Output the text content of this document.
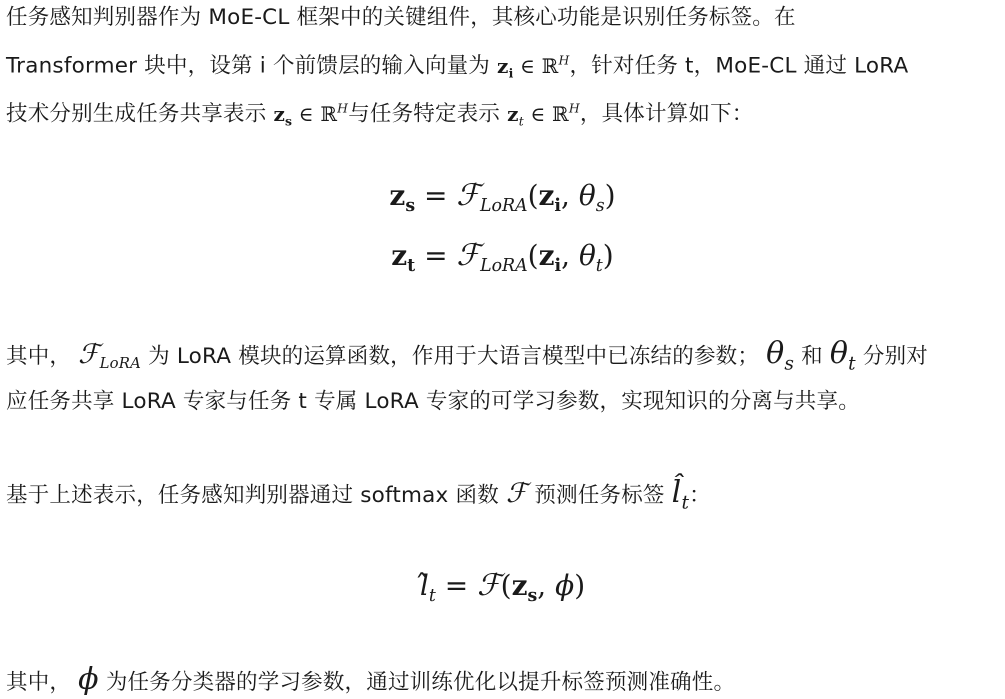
任务感知判别器作为 MoE-CL 框架中的关键组件，其核心功能是识别任务标签。在
Transformer 块中，设第 i 个前馈层的输入向量为 $z_i$ ∈ ℝ$^H$，针对任务 t，MoE-CL 通过 LoRA
技术分别生成任务共享表示 $z_s$ ∈ ℝ$^H$与任务特定表示 $z_t$ ∈ ℝ$^H$，具体计算如下：
$z_s$ = $ℱ_{LoRA}(z_i$, $\theta_s$)
$z_t$ = $ℱ_{LoRA}(z_i$, $\theta_t$)
其中， ℱ$_{LoRA}$ 为 LoRA 模块的运算函数，作用于大语言模型中已冻结的参数； $\theta_s$ 和 $\theta_t$ 分别对
应任务共享 LoRA 专家与任务 t 专属 LoRA 专家的可学习参数，实现知识的分离与共享。
基于上述表示，任务感知判别器通过 softmax 函数 ℱ 预测任务标签 $l_t$：
$l_t$ = $ℱ(z_s$, ϕ)
其中， ϕ 为任务分类器的学习参数，通过训练优化以提升标签预测准确性。
